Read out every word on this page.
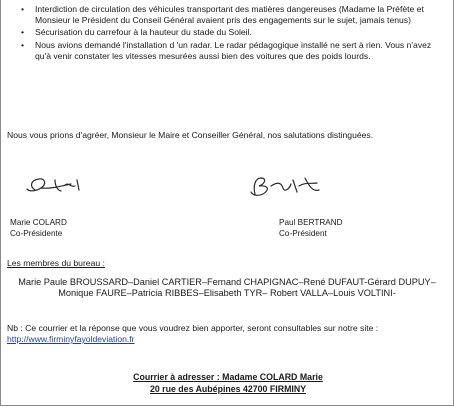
• Interdiction de circulation des véhicules transportant des matières dangereuses (Madame la Préfète et Monsieur le Président du Conseil Général avaient pris des engagements sur le sujet, jamais tenus)
• Sécurisation du carrefour à la hauteur du stade du Soleil.
• Nous avions demandé l'installation d 'un radar. Le radar pédagogique installé ne sert à rien. Vous n'avez qu'à venir constater les vitesses mesurées aussi bien des voitures que des poids lourds.
Nous vous prions d'agréer, Monsieur le Maire et Conseiller Général, nos salutations distinguées.
Marie COLARD
Co-Présidente
Paul BERTRAND
Co-Président
Les membres du bureau :
Marie Paule BROUSSARD–Daniel CARTIER–Fernand CHAPIGNAC–René DUFAUT-Gérard DUPUY– Monique FAURE–Patricia RIBBES–Elisabeth TYR– Robert VALLA–Louis VOLTINI-
Nb : Ce courrier et la réponse que vous voudrez bien apporter, seront consultables sur notre site : http://www.firminyfayoldeviation.fr
Courrier à adresser : Madame COLARD Marie
20 rue des Aubépines 42700 FIRMINY
